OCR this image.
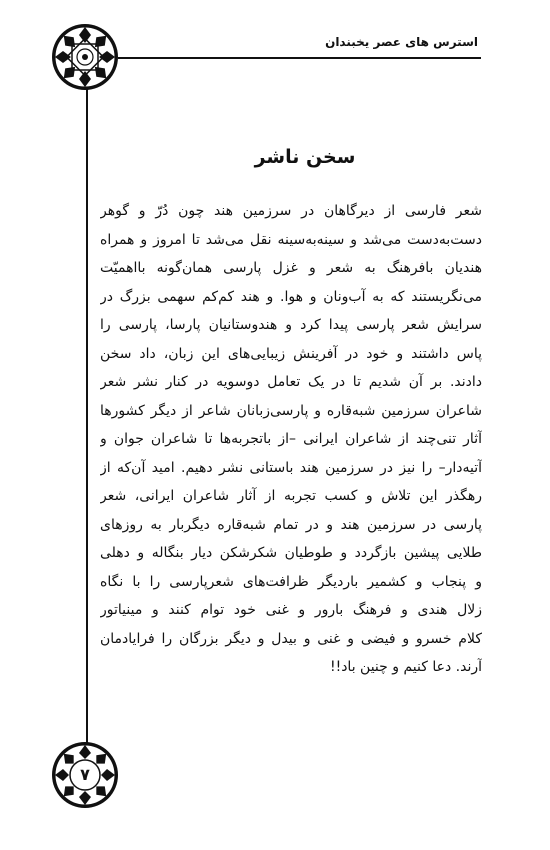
استرس های عصر یخبندان
سخن ناشر
شعر فارسی از دیرگاهان در سرزمین هند چون دُرّ و گوهر
دست‌به‌دست می‌شد و سینه‌به‌سینه نقل می‌شد تا امروز و همراه
هندیان بافرهنگ به شعر و غزل پارسی همان‌گونه بااهمیّت
می‌نگریستند که به آب‌ونان و هوا. و هند کم‌کم سهمی بزرگ در
سرایش شعر پارسی پیدا کرد و هندوستانیان پارسا، پارسی را
پاس داشتند و خود در آفرینش زیبایی‌های این زبان، داد سخن
دادند. بر آن شدیم تا در یک تعامل دوسویه در کنار نشر شعر
شاعران سرزمین شبه‌قاره و پارسی‌زبانان شاعر از دیگر کشورها
آثار تنی‌چند از شاعران ایرانی –از باتجربه‌ها تا شاعران جوان و
آتیه‌دار– را نیز در سرزمین هند باستانی نشر دهیم. امید آن‌که از
رهگذر این تلاش و کسب تجربه از آثار شاعران ایرانی، شعر
پارسی در سرزمین هند و در تمام شبه‌قاره دیگربار به روزهای
طلایی پیشین بازگردد و طوطیان شکرشکن دیار بنگاله و دهلی
و پنجاب و کشمیر باردیگر ظرافت‌های شعرپارسی را با نگاه
زلال هندی و فرهنگ بارور و غنی خود توام کنند و مینیاتور
کلام خسرو و فیضی و غنی و بیدل و دیگر بزرگان را فرایادمان
آرند. دعا کنیم و چنین باد!!
۷
